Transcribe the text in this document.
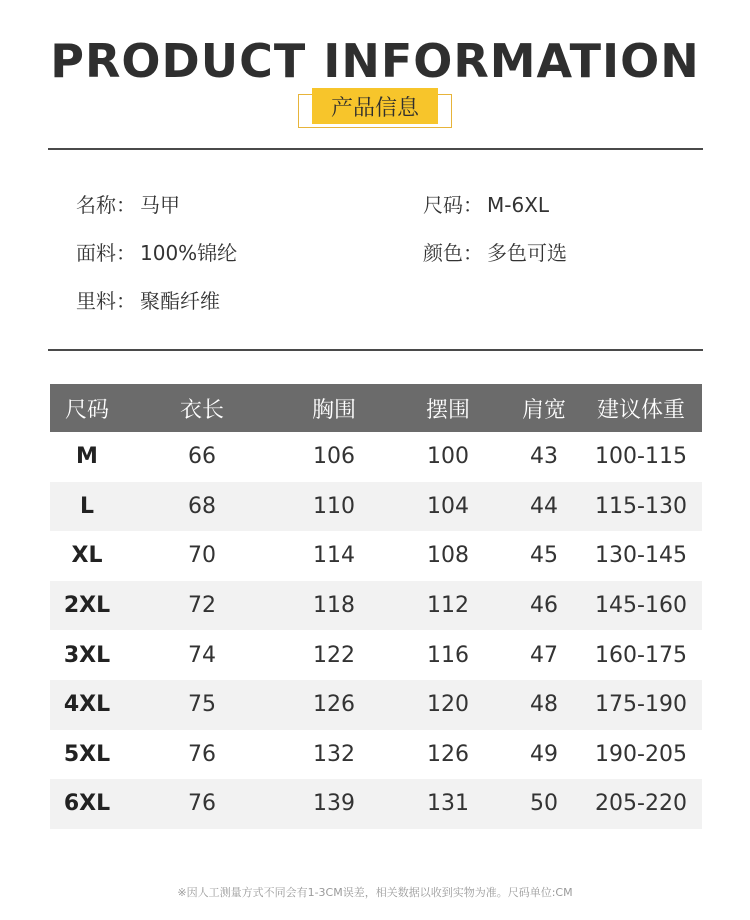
PRODUCT INFORMATION
产品信息
名称： 马甲	尺码： M-6XL
面料： 100%锦纶	颜色： 多色可选
里料： 聚酯纤维
尺码	衣长	胸围	摆围	肩宽	建议体重
M	66	106	100	43	100-115
L	68	110	104	44	115-130
XL	70	114	108	45	130-145
2XL	72	118	112	46	145-160
3XL	74	122	116	47	160-175
4XL	75	126	120	48	175-190
5XL	76	132	126	49	190-205
6XL	76	139	131	50	205-220
※因人工测量方式不同会有1-3CM误差，相关数据以收到实物为准。尺码单位:CM
